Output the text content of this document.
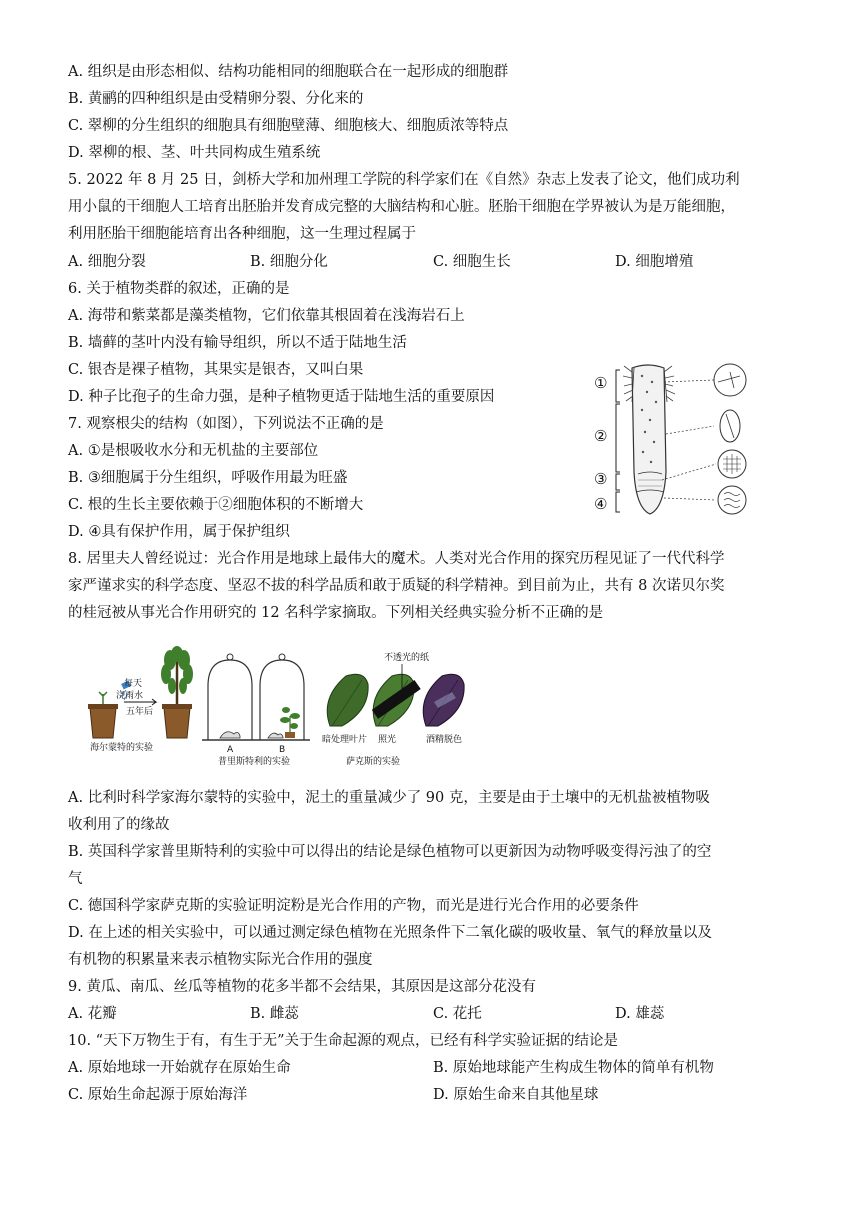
A. 组织是由形态相似、结构功能相同的细胞联合在一起形成的细胞群
B. 黄鹂的四种组织是由受精卵分裂、分化来的
C. 翠柳的分生组织的细胞具有细胞壁薄、细胞核大、细胞质浓等特点
D. 翠柳的根、茎、叶共同构成生殖系统
5. 2022 年 8 月 25 日，剑桥大学和加州理工学院的科学家们在《自然》杂志上发表了论文，他们成功利
用小鼠的干细胞人工培育出胚胎并发育成完整的大脑结构和心脏。胚胎干细胞在学界被认为是万能细胞，
利用胚胎干细胞能培育出各种细胞，这一生理过程属于
A. 细胞分裂	B. 细胞分化	C. 细胞生长	D. 细胞增殖
6. 关于植物类群的叙述，正确的是
A. 海带和紫菜都是藻类植物，它们依靠其根固着在浅海岩石上
B. 墙藓的茎叶内没有输导组织，所以不适于陆地生活
C. 银杏是裸子植物，其果实是银杏，又叫白果
D. 种子比孢子的生命力强，是种子植物更适于陆地生活的重要原因
7. 观察根尖的结构（如图），下列说法不正确的是
A. ①是根吸收水分和无机盐的主要部位
B. ③细胞属于分生组织，呼吸作用最为旺盛
C. 根的生长主要依赖于②细胞体积的不断增大
D. ④具有保护作用，属于保护组织
①
②
③
④
8. 居里夫人曾经说过：光合作用是地球上最伟大的魔术。人类对光合作用的探究历程见证了一代代科学
家严谨求实的科学态度、坚忍不拔的科学品质和敢于质疑的科学精神。到目前为止，共有 8 次诺贝尔奖
的桂冠被从事光合作用研究的 12 名科学家摘取。下列相关经典实验分析不正确的是
每天
浇雨水
五年后
海尔蒙特的实验	A	B
普里斯特利的实验
不透光的纸
暗处理叶片 照光	酒精脱色
萨克斯的实验
A. 比利时科学家海尔蒙特的实验中，泥土的重量减少了 90 克，主要是由于土壤中的无机盐被植物吸
收利用了的缘故
B. 英国科学家普里斯特利的实验中可以得出的结论是绿色植物可以更新因为动物呼吸变得污浊了的空
气
C. 德国科学家萨克斯的实验证明淀粉是光合作用的产物，而光是进行光合作用的必要条件
D. 在上述的相关实验中，可以通过测定绿色植物在光照条件下二氧化碳的吸收量、氧气的释放量以及
有机物的积累量来表示植物实际光合作用的强度
9. 黄瓜、南瓜、丝瓜等植物的花多半都不会结果，其原因是这部分花没有
A. 花瓣	B. 雌蕊	C. 花托	D. 雄蕊
10. “天下万物生于有，有生于无”关于生命起源的观点，已经有科学实验证据的结论是
A. 原始地球一开始就存在原始生命	B. 原始地球能产生构成生物体的简单有机物
C. 原始生命起源于原始海洋	D. 原始生命来自其他星球
